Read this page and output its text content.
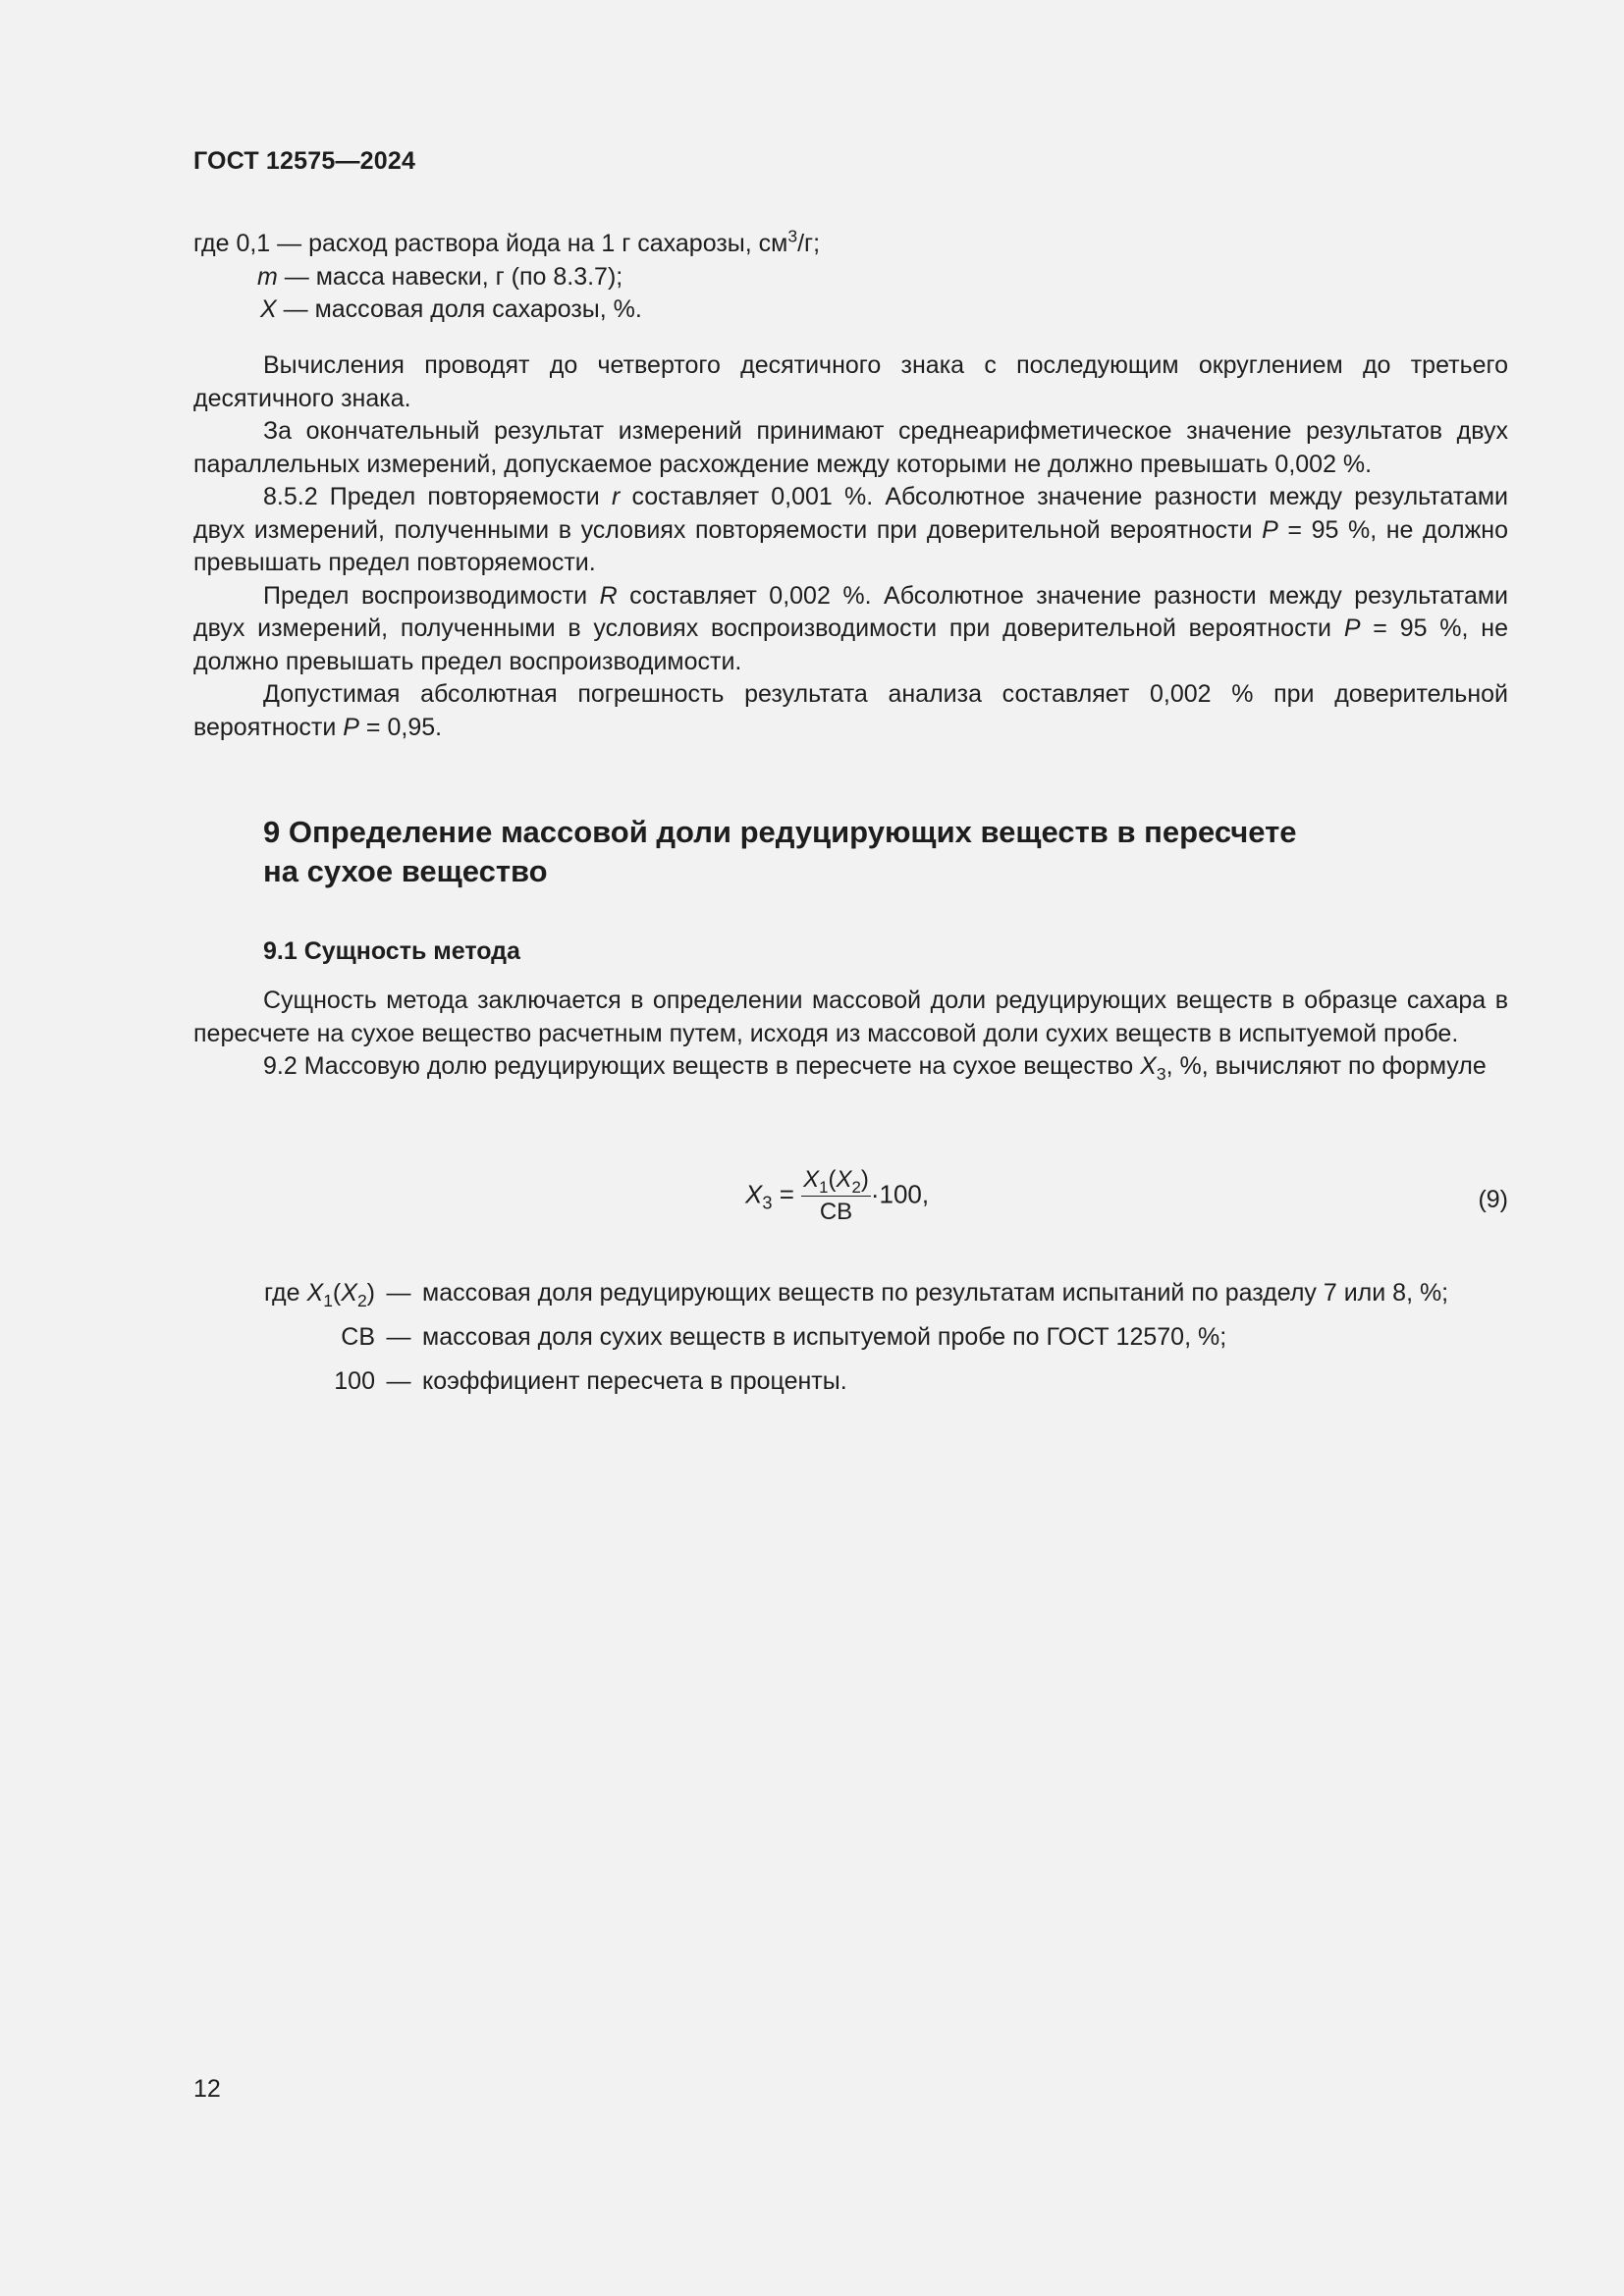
ГОСТ 12575—2024
где 0,1 — расход раствора йода на 1 г сахарозы, $см^3/г$;
m — масса навески, г (по 8.3.7);
X — массовая доля сахарозы, %.
Вычисления проводят до четвертого десятичного знака с последующим округлением до третьего десятичного знака.
За окончательный результат измерений принимают среднеарифметическое значение результатов двух параллельных измерений, допускаемое расхождение между которыми не должно превышать 0,002 %.
8.5.2 Предел повторяемости r составляет 0,001 %. Абсолютное значение разности между результатами двух измерений, полученными в условиях повторяемости при доверительной вероятности P = 95 %, не должно превышать предел повторяемости.
Предел воспроизводимости R составляет 0,002 %. Абсолютное значение разности между результатами двух измерений, полученными в условиях воспроизводимости при доверительной вероятности P = 95 %, не должно превышать предел воспроизводимости.
Допустимая абсолютная погрешность результата анализа составляет 0,002 % при доверительной вероятности P = 0,95.
9 Определение массовой доли редуцирующих веществ в пересчете
на сухое вещество
9.1 Сущность метода
Сущность метода заключается в определении массовой доли редуцирующих веществ в образце сахара в пересчете на сухое вещество расчетным путем, исходя из массовой доли сухих веществ в испытуемой пробе.
9.2 Массовую долю редуцирующих веществ в пересчете на сухое вещество $X_3$, %, вычисляют по формуле
$X_3 = \frac{X_1(X_2)}{СВ} \cdot 100$,	(9)
где $X_1(X_2)$ — массовая доля редуцирующих веществ по результатам испытаний по разделу 7 или 8, %;
СВ — массовая доля сухих веществ в испытуемой пробе по ГОСТ 12570, %;
100 — коэффициент пересчета в проценты.
12
